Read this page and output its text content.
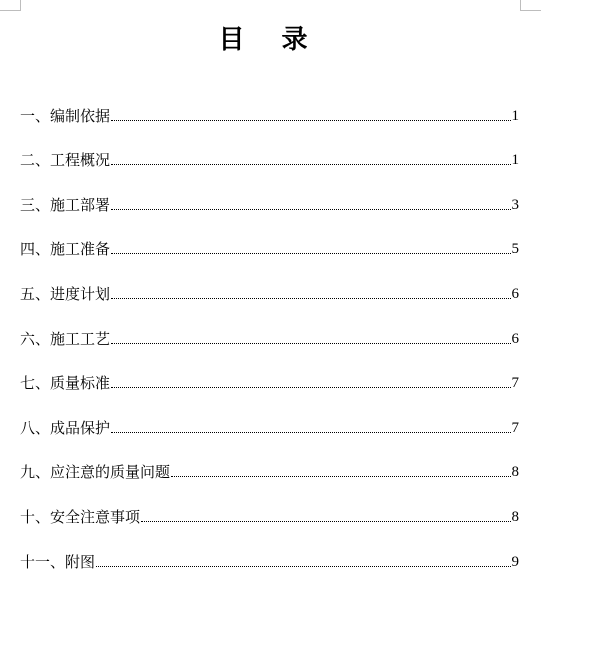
目 录
一、编制依据	1
二、工程概况	1
三、施工部署	3
四、施工准备	5
五、进度计划	6
六、施工工艺	6
七、质量标准	7
八、成品保护	7
九、应注意的质量问题	8
十、安全注意事项	8
十一、附图	9
